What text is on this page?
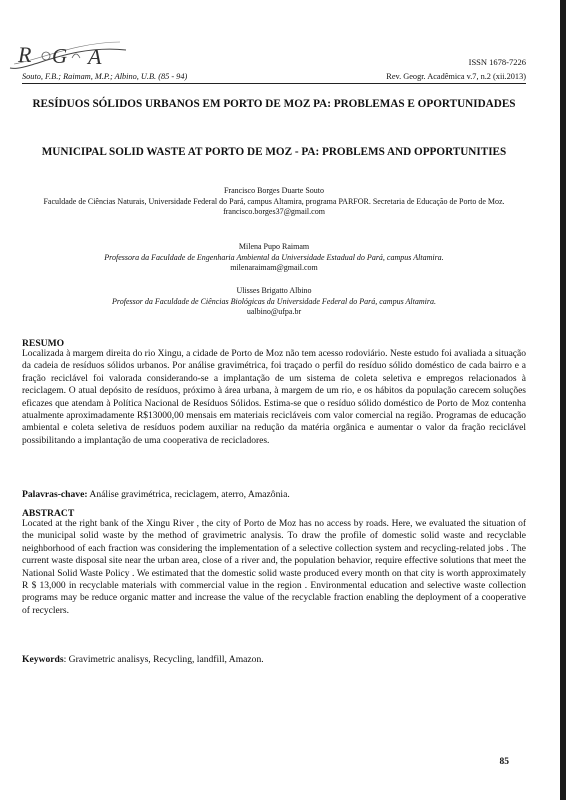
R G A	ISSN 1678-7226
Souto, F.B.; Raimam, M.P.; Albino, U.B. (85 - 94)	Rev. Geogr. Acadêmica v.7, n.2 (xii.2013)
RESÍDUOS SÓLIDOS URBANOS EM PORTO DE MOZ PA: PROBLEMAS E OPORTUNIDADES
MUNICIPAL SOLID WASTE AT PORTO DE MOZ - PA: PROBLEMS AND OPPORTUNITIES
Francisco Borges Duarte Souto
Faculdade de Ciências Naturais, Universidade Federal do Pará, campus Altamira, programa PARFOR. Secretaria de Educação de Porto de Moz.
francisco.borges37@gmail.com
Milena Pupo Raimam
Professora da Faculdade de Engenharia Ambiental da Universidade Estadual do Pará, campus Altamira.
milenaraimam@gmail.com
Ulisses Brigatto Albino
Professor da Faculdade de Ciências Biológicas da Universidade Federal do Pará, campus Altamira.
ualbino@ufpa.br
RESUMO

Localizada à margem direita do rio Xingu, a cidade de Porto de Moz não tem acesso rodoviário. Neste estudo foi avaliada a situação da cadeia de resíduos sólidos urbanos. Por análise gravimétrica, foi traçado o perfil do resíduo sólido doméstico de cada bairro e a fração reciclável foi valorada considerando-se a implantação de um sistema de coleta seletiva e empregos relacionados à reciclagem. O atual depósito de resíduos, próximo à área urbana, à margem de um rio, e os hábitos da população carecem soluções eficazes que atendam à Política Nacional de Resíduos Sólidos. Estima-se que o resíduo sólido doméstico de Porto de Moz contenha atualmente aproximadamente R$13000,00 mensais em materiais recicláveis com valor comercial na região. Programas de educação ambiental e coleta seletiva de resíduos podem auxiliar na redução da matéria orgânica e aumentar o valor da fração reciclável possibilitando a implantação de uma cooperativa de recicladores.

Palavras-chave: Análise gravimétrica, reciclagem, aterro, Amazônia.
ABSTRACT

Located at the right bank of the Xingu River , the city of Porto de Moz has no access by roads. Here, we evaluated the situation of the municipal solid waste by the method of gravimetric analysis. To draw the profile of domestic solid waste and recyclable neighborhood of each fraction was considering the implementation of a selective collection system and recycling-related jobs . The current waste disposal site near the urban area, close of a river and, the population behavior, require effective solutions that meet the National Solid Waste Policy . We estimated that the domestic solid waste produced every month on that city is worth approximately R $ 13,000 in recyclable materials with commercial value in the region . Environmental education and selective waste collection programs may be reduce organic matter and increase the value of the recyclable fraction enabling the deployment of a cooperative of recyclers.

Keywords: Gravimetric analisys, Recycling, landfill, Amazon.
85
